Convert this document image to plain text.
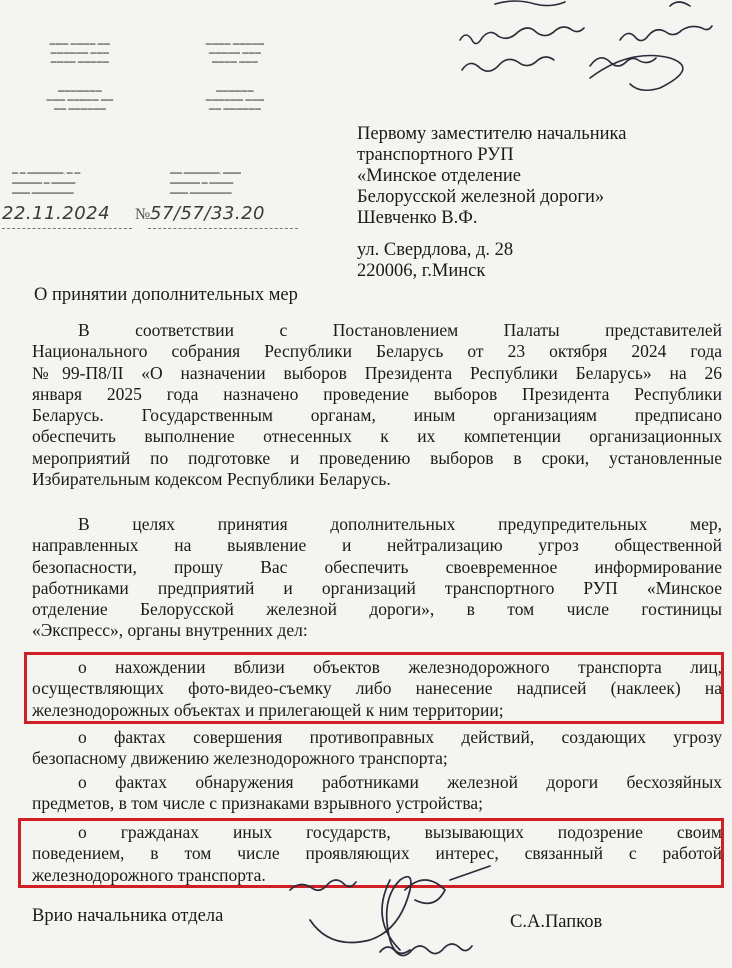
▬▬▬ ▬▬▬▬ ▬▬
▬▬▬▬▬▬ ▬▬▬
▬▬▬▬ ▬▬▬▬▬
▬▬▬▬▬▬▬
▬▬▬ ▬▬▬▬▬ ▬▬
▬▬ ▬▬▬▬▬▬
▬▬▬▬ ▬▬▬▬▬
▬▬▬▬▬ ▬▬▬
▬▬▬▬ ▬▬▬
▬▬▬▬▬▬
▬▬▬▬▬▬ ▬▬▬
▬▬ ▬▬▬▬▬▬
▬ ▬ ▬▬▬▬▬▬, ▬ ▬
▬▬▬▬▬ ▬ ▬▬▬▬
▬▬▬ ▬▬▬▬▬▬▬
▬▬ ▬▬▬▬▬▬, ▬▬▬
▬▬▬▬▬ ▬ ▬▬▬▬
▬▬▬ ▬▬▬▬▬▬▬
22.11.2024 № 57/57/33.20
Первому заместителю начальника
транспортного РУП
«Минское отделение
Белорусской железной дороги»
Шевченко В.Ф.
ул. Свердлова, д. 28
220006, г.Минск
О принятии дополнительных мер
В соответствии с Постановлением Палаты представителей
Национального собрания Республики Беларусь от 23 октября 2024 года
№99-П8/II «О назначении выборов Президента Республики Беларусь» на 26
января 2025 года назначено проведение выборов Президента Республики
Беларусь. Государственным органам, иным организациям предписано
обеспечить выполнение отнесенных к их компетенции организационных
мероприятий по подготовке и проведению выборов в сроки, установленные
Избирательным кодексом Республики Беларусь.
В целях принятия дополнительных предупредительных мер,
направленных на выявление и нейтрализацию угроз общественной
безопасности, прошу Вас обеспечить своевременное информирование
работниками предприятий и организаций транспортного РУП «Минское
отделение Белорусской железной дороги», в том числе гостиницы
«Экспресс», органы внутренних дел:
о нахождении вблизи объектов железнодорожного транспорта лиц,
осуществляющих фото-видео-съемку либо нанесение надписей (наклеек) на
железнодорожных объектах и прилегающей к ним территории;
о фактах совершения противоправных действий, создающих угрозу
безопасному движению железнодорожного транспорта;
о фактах обнаружения работниками железной дороги бесхозяйных
предметов, в том числе с признаками взрывного устройства;
о гражданах иных государств, вызывающих подозрение своим
поведением, в том числе проявляющих интерес, связанный с работой
железнодорожного транспорта.
Врио начальника отдела	С.А.Папков
